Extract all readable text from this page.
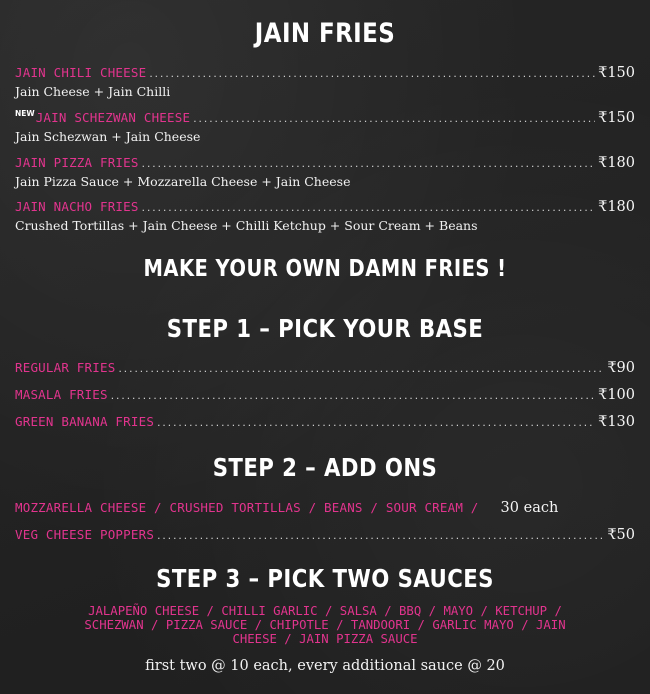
JAIN FRIES
JAIN CHILI CHEESE .....	₹150
Jain Cheese + Jain Chilli
NEW JAIN SCHEZWAN CHEESE .....	₹150
Jain Schezwan + Jain Cheese
JAIN PIZZA FRIES .....	₹180
Jain Pizza Sauce + Mozzarella Cheese + Jain Cheese
JAIN NACHO FRIES .....	₹180
Crushed Tortillas + Jain Cheese + Chilli Ketchup + Sour Cream + Beans
MAKE YOUR OWN DAMN FRIES !
STEP 1 – PICK YOUR BASE
REGULAR FRIES .....	₹90
MASALA FRIES .....	₹100
GREEN BANANA FRIES .....	₹130
STEP 2 – ADD ONS
MOZZARELLA CHEESE / CRUSHED TORTILLAS / BEANS / SOUR CREAM / 30 each
VEG CHEESE POPPERS .....	₹50
STEP 3 – PICK TWO SAUCES
JALAPEÑO CHEESE / CHILLI GARLIC / SALSA / BBQ / MAYO / KETCHUP /
SCHEZWAN / PIZZA SAUCE / CHIPOTLE / TANDOORI / GARLIC MAYO / JAIN
CHEESE / JAIN PIZZA SAUCE
first two @ 10 each, every additional sauce @ 20
